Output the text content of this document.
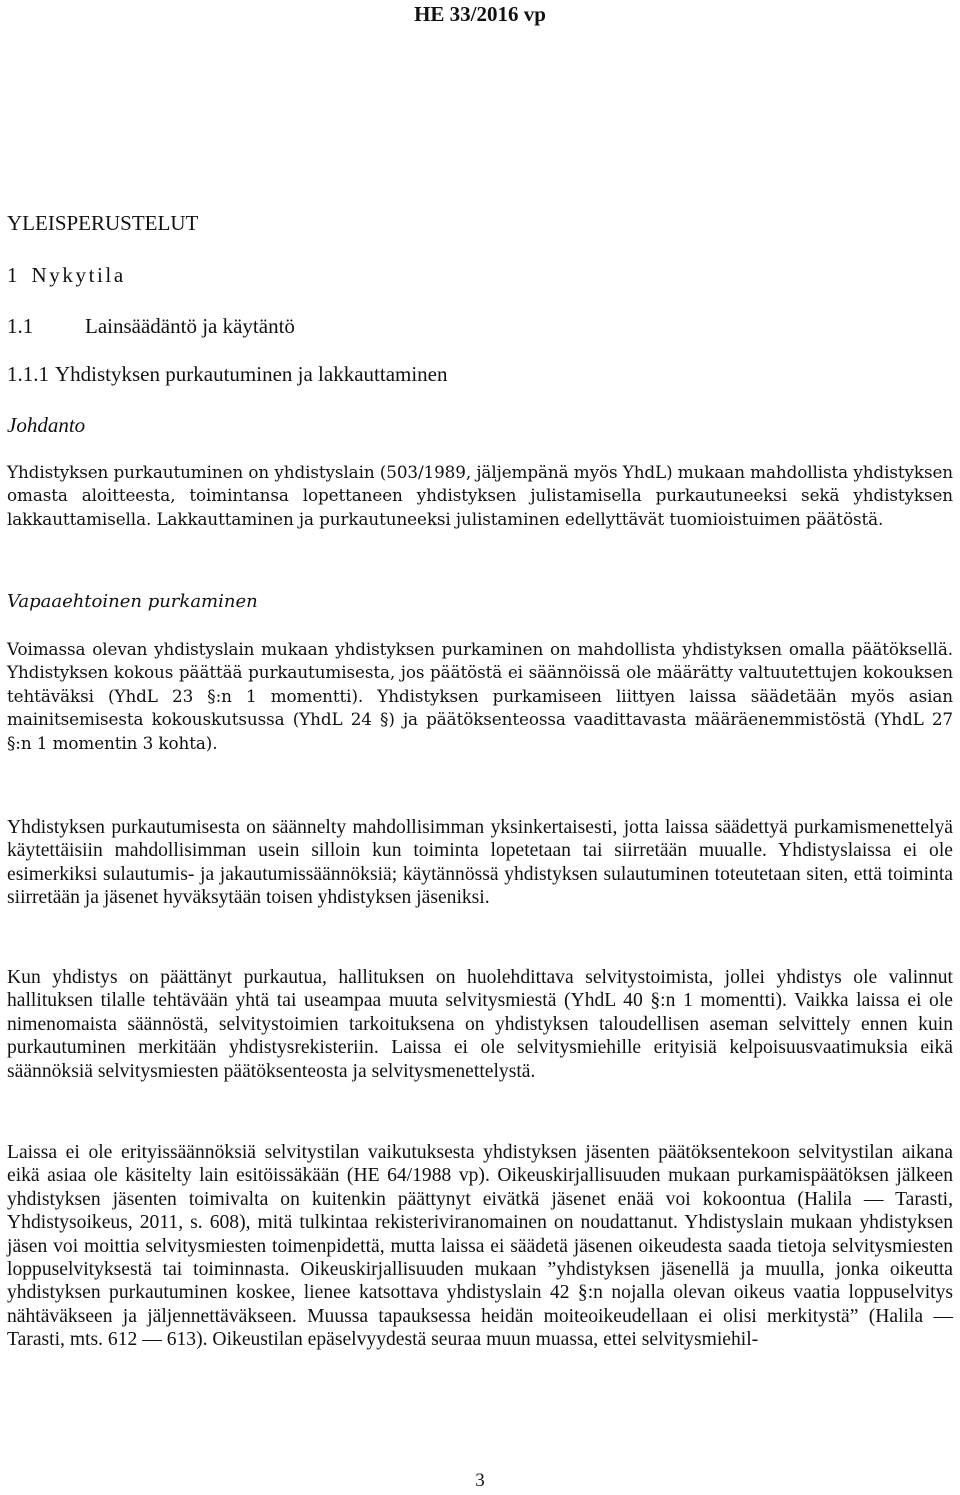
HE 33/2016 vp
YLEISPERUSTELUT
1 Nykytila
1.1 Lainsäädäntö ja käytäntö
1.1.1 Yhdistyksen purkautuminen ja lakkauttaminen
Johdanto

Yhdistyksen purkautuminen on yhdistyslain (503/1989, jäljempänä myös YhdL) mukaan mahdollista yhdistyksen omasta aloitteesta, toimintansa lopettaneen yhdistyksen julistamisella purkautuneeksi sekä yhdistyksen lakkauttamisella. Lakkauttaminen ja purkautuneeksi julistaminen edellyttävät tuomioistuimen päätöstä.

Vapaaehtoinen purkaminen

Voimassa olevan yhdistyslain mukaan yhdistyksen purkaminen on mahdollista yhdistyksen omalla päätöksellä. Yhdistyksen kokous päättää purkautumisesta, jos päätöstä ei säännöissä ole määrätty valtuutettujen kokouksen tehtäväksi (YhdL 23 §:n 1 momentti). Yhdistyksen purkamiseen liittyen laissa säädetään myös asian mainitsemisesta kokouskutsussa (YhdL 24 §) ja päätöksenteossa vaadittavasta määräenemmistöstä (YhdL 27 §:n 1 momentin 3 kohta).

Yhdistyksen purkautumisesta on säännelty mahdollisimman yksinkertaisesti, jotta laissa säädettyä purkamismenettelyä käytettäisiin mahdollisimman usein silloin kun toiminta lopetetaan tai siirretään muualle. Yhdistyslaissa ei ole esimerkiksi sulautumis- ja jakautumissäännöksiä; käytännössä yhdistyksen sulautuminen toteutetaan siten, että toiminta siirretään ja jäsenet hyväksytään toisen yhdistyksen jäseniksi.

Kun yhdistys on päättänyt purkautua, hallituksen on huolehdittava selvitystoimista, jollei yhdistys ole valinnut hallituksen tilalle tehtävään yhtä tai useampaa muuta selvitysmiestä (YhdL 40 §:n 1 momentti). Vaikka laissa ei ole nimenomaista säännöstä, selvitystoimien tarkoituksena on yhdistyksen taloudellisen aseman selvittely ennen kuin purkautuminen merkitään yhdistysrekisteriin. Laissa ei ole selvitysmiehille erityisiä kelpoisuusvaatimuksia eikä säännöksiä selvitysmiesten päätöksenteosta ja selvitysmenettelystä.

Laissa ei ole erityissäännöksiä selvitystilan vaikutuksesta yhdistyksen jäsenten päätöksentekoon selvitystilan aikana eikä asiaa ole käsitelty lain esitöissäkään (HE 64/1988 vp). Oikeuskirjallisuuden mukaan purkamispäätöksen jälkeen yhdistyksen jäsenten toimivalta on kuitenkin päättynyt eivätkä jäsenet enää voi kokoontua (Halila — Tarasti, Yhdistysoikeus, 2011, s. 608), mitä tulkintaa rekisteriviranomainen on noudattanut. Yhdistyslain mukaan yhdistyksen jäsen voi moittia selvitysmiesten toimenpidettä, mutta laissa ei säädetä jäsenen oikeudesta saada tietoja selvitysmiesten loppuselvityksestä tai toiminnasta. Oikeuskirjallisuuden mukaan ”yhdistyksen jäsenellä ja muulla, jonka oikeutta yhdistyksen purkautuminen koskee, lienee katsottava yhdistyslain 42 §:n nojalla olevan oikeus vaatia loppuselvitys nähtäväkseen ja jäljennettäväkseen. Muussa tapauksessa heidän moiteoikeudellaan ei olisi merkitystä” (Halila — Tarasti, mts. 612 — 613). Oikeustilan epäselvyydestä seuraa muun muassa, ettei selvitysmiehil-

3
